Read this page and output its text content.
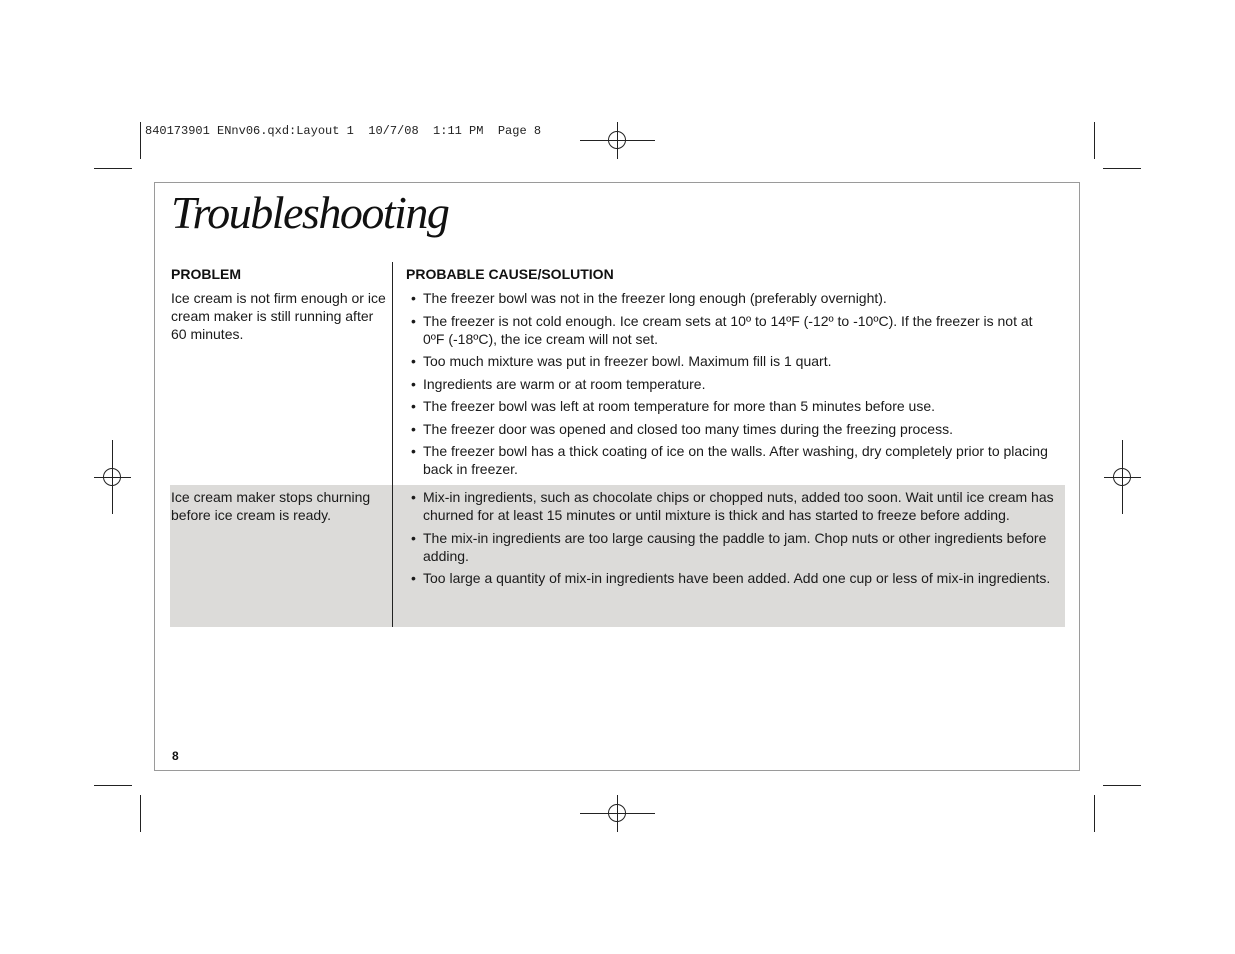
840173901 ENnv06.qxd:Layout 1  10/7/08  1:11 PM  Page 8
Troubleshooting
PROBLEM	PROBABLE CAUSE/SOLUTION
Ice cream is not firm enough or ice cream maker is still running after 60 minutes.
• The freezer bowl was not in the freezer long enough (preferably overnight).
• The freezer is not cold enough. Ice cream sets at 10º to 14ºF (-12º to -10ºC). If the freezer is not at 0ºF (-18ºC), the ice cream will not set.
• Too much mixture was put in freezer bowl. Maximum fill is 1 quart.
• Ingredients are warm or at room temperature.
• The freezer bowl was left at room temperature for more than 5 minutes before use.
• The freezer door was opened and closed too many times during the freezing process.
• The freezer bowl has a thick coating of ice on the walls. After washing, dry completely prior to placing back in freezer.
Ice cream maker stops churning before ice cream is ready.
• Mix-in ingredients, such as chocolate chips or chopped nuts, added too soon. Wait until ice cream has churned for at least 15 minutes or until mixture is thick and has started to freeze before adding.
• The mix-in ingredients are too large causing the paddle to jam. Chop nuts or other ingredients before adding.
• Too large a quantity of mix-in ingredients have been added. Add one cup or less of mix-in ingredients.
8
